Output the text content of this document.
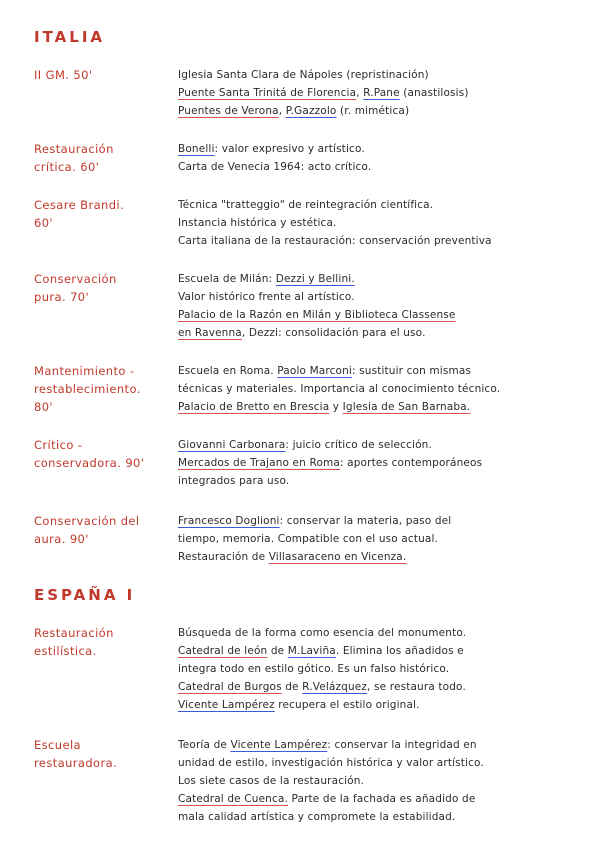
ITALIA
II GM. 50'	Iglesia Santa Clara de Nápoles (repristinación)
Puente Santa Trinitá de Florencia, R.Pane (anastilosis)
Puentes de Verona, P.Gazzolo (r. mimética)
Restauración
crítica. 60'
Bonelli: valor expresivo y artístico.
Carta de Venecia 1964: acto crítico.
Cesare Brandi.
60'
Técnica "tratteggio" de reintegración científica.
Instancia histórica y estética.
Carta italiana de la restauración: conservación preventiva
Conservación
pura. 70'
Escuela de Milán: Dezzi y Bellini.
Valor histórico frente al artístico.
Palacio de la Razón en Milán y Biblioteca Classense
en Ravenna, Dezzi: consolidación para el uso.
Mantenimiento -
restablecimiento.
80'
Escuela en Roma. Paolo Marconi: sustituir con mismas
técnicas y materiales. Importancia al conocimiento técnico.
Palacio de Bretto en Brescia y Iglesia de San Barnaba.
Crítico -
conservadora. 90'
Giovanni Carbonara: juicio crítico de selección.
Mercados de Trajano en Roma: aportes contemporáneos
integrados para uso.
Conservación del
aura. 90'
Francesco Doglioni: conservar la materia, paso del
tiempo, memoria. Compatible con el uso actual.
Restauración de Villasaraceno en Vicenza.
ESPAÑA I
Restauración
estilística.
Búsqueda de la forma como esencia del monumento.
Catedral de león de M.Laviña. Elimina los añadidos e
integra todo en estilo gótico. Es un falso histórico.
Catedral de Burgos de R.Velázquez, se restaura todo.
Vicente Lampérez recupera el estilo original.
Escuela
restauradora.
Teoría de Vicente Lampérez: conservar la integridad en
unidad de estilo, investigación histórica y valor artístico.
Los siete casos de la restauración.
Catedral de Cuenca. Parte de la fachada es añadido de
mala calidad artística y compromete la estabilidad.
